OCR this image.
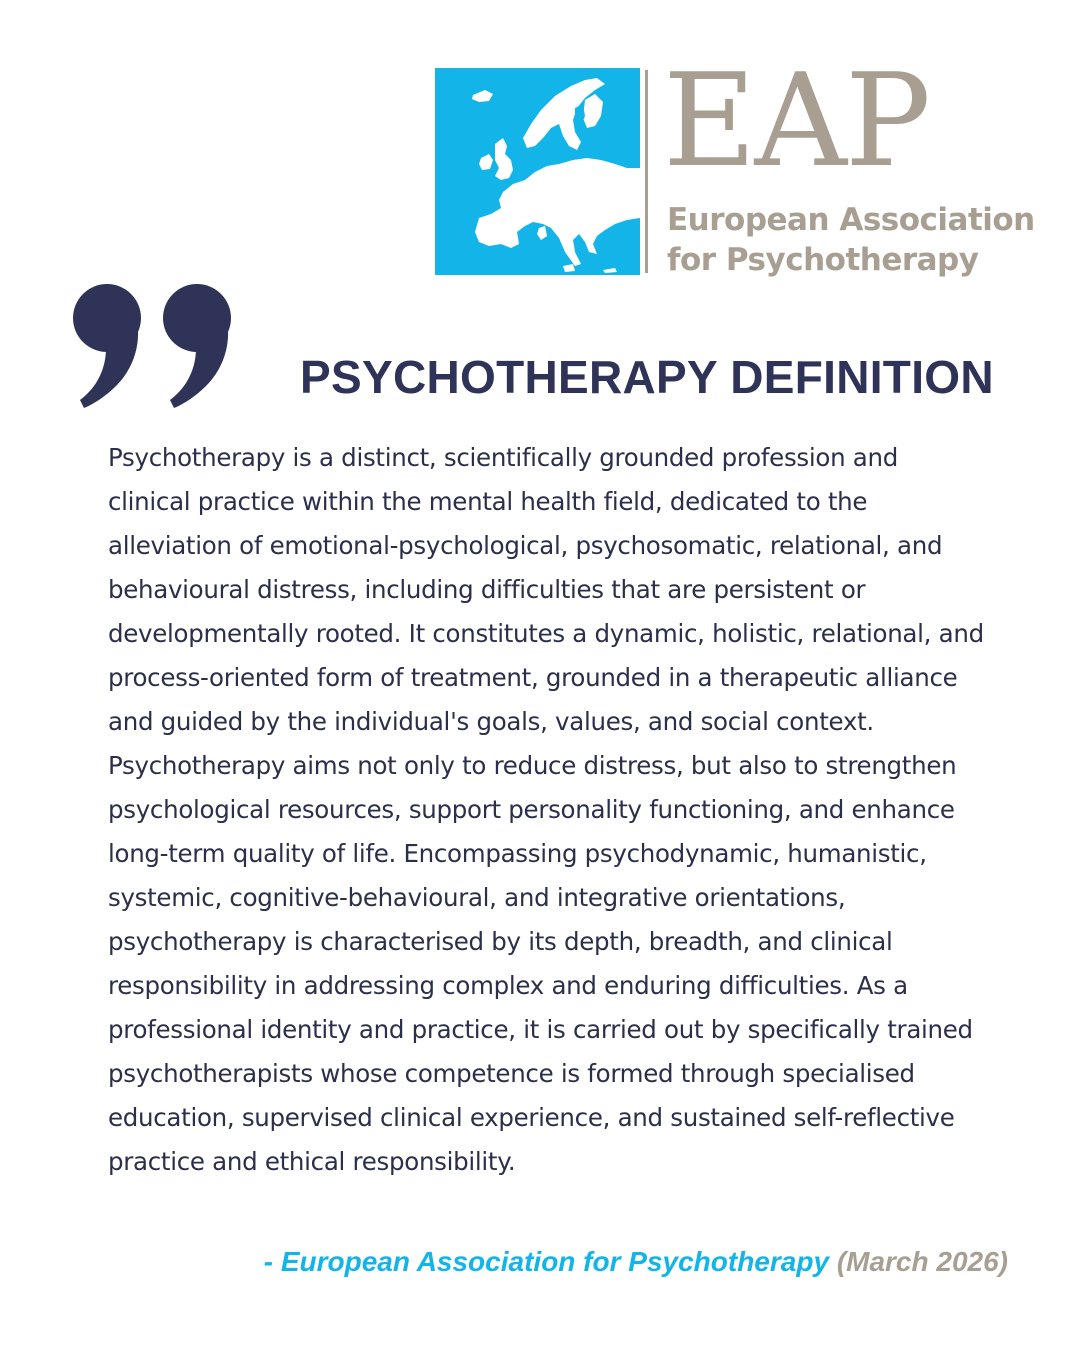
EAP
European Association
for Psychotherapy
PSYCHOTHERAPY DEFINITION
Psychotherapy is a distinct, scientifically grounded profession and
clinical practice within the mental health field, dedicated to the
alleviation of emotional-psychological, psychosomatic, relational, and
behavioural distress, including difficulties that are persistent or
developmentally rooted. It constitutes a dynamic, holistic, relational, and
process-oriented form of treatment, grounded in a therapeutic alliance
and guided by the individual's goals, values, and social context.
Psychotherapy aims not only to reduce distress, but also to strengthen
psychological resources, support personality functioning, and enhance
long-term quality of life. Encompassing psychodynamic, humanistic,
systemic, cognitive-behavioural, and integrative orientations,
psychotherapy is characterised by its depth, breadth, and clinical
responsibility in addressing complex and enduring difficulties. As a
professional identity and practice, it is carried out by specifically trained
psychotherapists whose competence is formed through specialised
education, supervised clinical experience, and sustained self-reflective
practice and ethical responsibility.
- European Association for Psychotherapy (March 2026)
